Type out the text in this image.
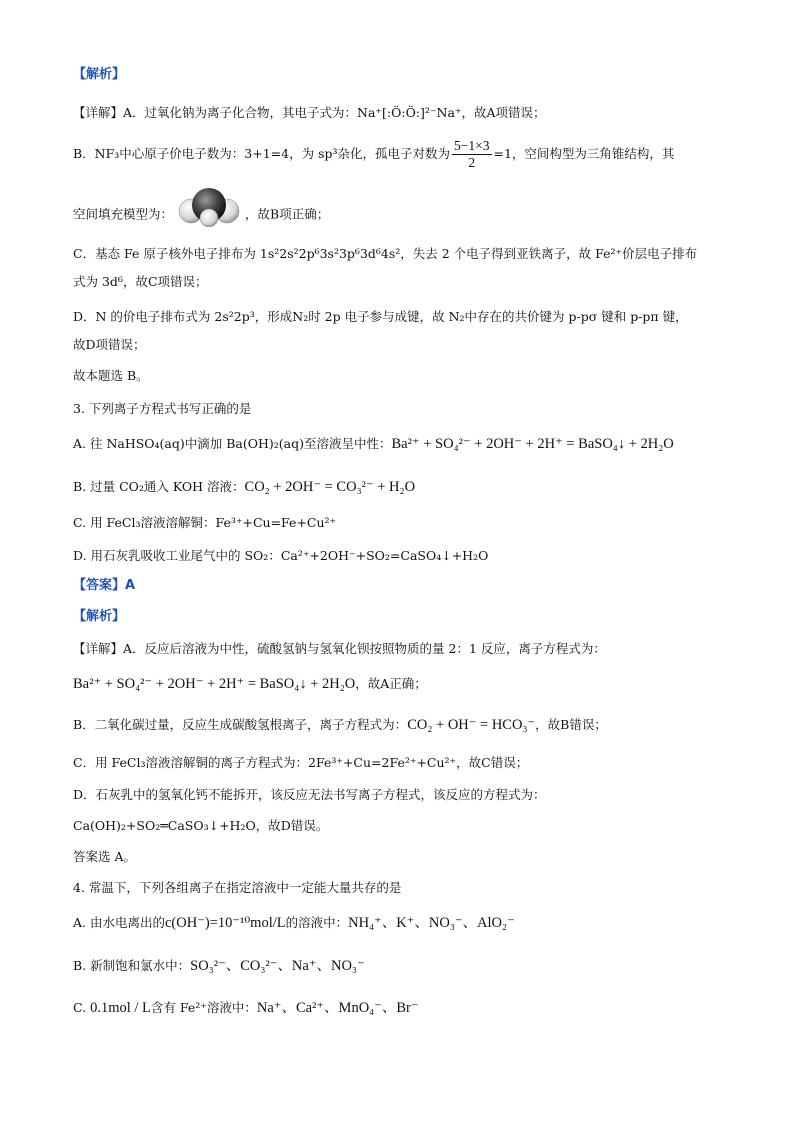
【解析】
【详解】A．过氧化钠为离子化合物，其电子式为：Na⁺[:Ö:Ö:]²⁻Na⁺，故A项错误；
B．NF₃中心原子价电子数为：3+1=4，为 sp³杂化，孤电子对数为 $\frac{5-1\times 3}{2} =1$，空间构型为三角锥结构，其
空间填充模型为：	，故B项正确；
C．基态 Fe 原子核外电子排布为 1s²2s²2p⁶3s²3p⁶3d⁶4s²，失去 2 个电子得到亚铁离子，故 Fe²⁺价层电子排布
式为 3d⁶，故C项错误；
D．N 的价电子排布式为 2s²2p³，形成N₂时 2p 电子参与成键，故 N₂中存在的共价键为 p-pσ 键和 p-pπ 键，
故D项错误；
故本题选 B。
3. 下列离子方程式书写正确的是
A. 往 NaHSO₄(aq)中滴加 Ba(OH)₂(aq)至溶液呈中性：Ba²⁺ + SO₄²⁻ + 2OH⁻ + 2H⁺ = BaSO₄↓ + 2H₂O
B. 过量 CO₂通入 KOH 溶液：CO₂ + 2OH⁻ = CO₃²⁻ + H₂O
C. 用 FeCl₃溶液溶解铜：Fe³⁺+Cu=Fe+Cu²⁺
D. 用石灰乳吸收工业尾气中的 SO₂：Ca²⁺+2OH⁻+SO₂=CaSO₄↓+H₂O
【答案】A
【解析】
【详解】A．反应后溶液为中性，硫酸氢钠与氢氧化钡按照物质的量 2：1 反应，离子方程式为：
Ba²⁺ + SO₄²⁻ + 2OH⁻ + 2H⁺ = BaSO₄↓ + 2H₂O，故A正确；
B．二氧化碳过量，反应生成碳酸氢根离子，离子方程式为：CO₂ + OH⁻ = HCO₃⁻，故B错误；
C．用 FeCl₃溶液溶解铜的离子方程式为：2Fe³⁺+Cu=2Fe²⁺+Cu²⁺，故C错误；
D．石灰乳中的氢氧化钙不能拆开，该反应无法书写离子方程式，该反应的方程式为：
Ca(OH)₂+SO₂═CaSO₃↓+H₂O，故D错误。
答案选 A。
4. 常温下，下列各组离子在指定溶液中一定能大量共存的是
A. 由水电离出的c(OH⁻)=10⁻¹⁰mol/L的溶液中：NH₄⁺、K⁺、NO₃⁻、AlO₂⁻
B. 新制饱和氯水中：SO₃²⁻、CO₃²⁻、Na⁺、NO₃⁻
C. 0.1mol / L含有 Fe²⁺溶液中：Na⁺、Ca²⁺、MnO₄⁻、Br⁻
